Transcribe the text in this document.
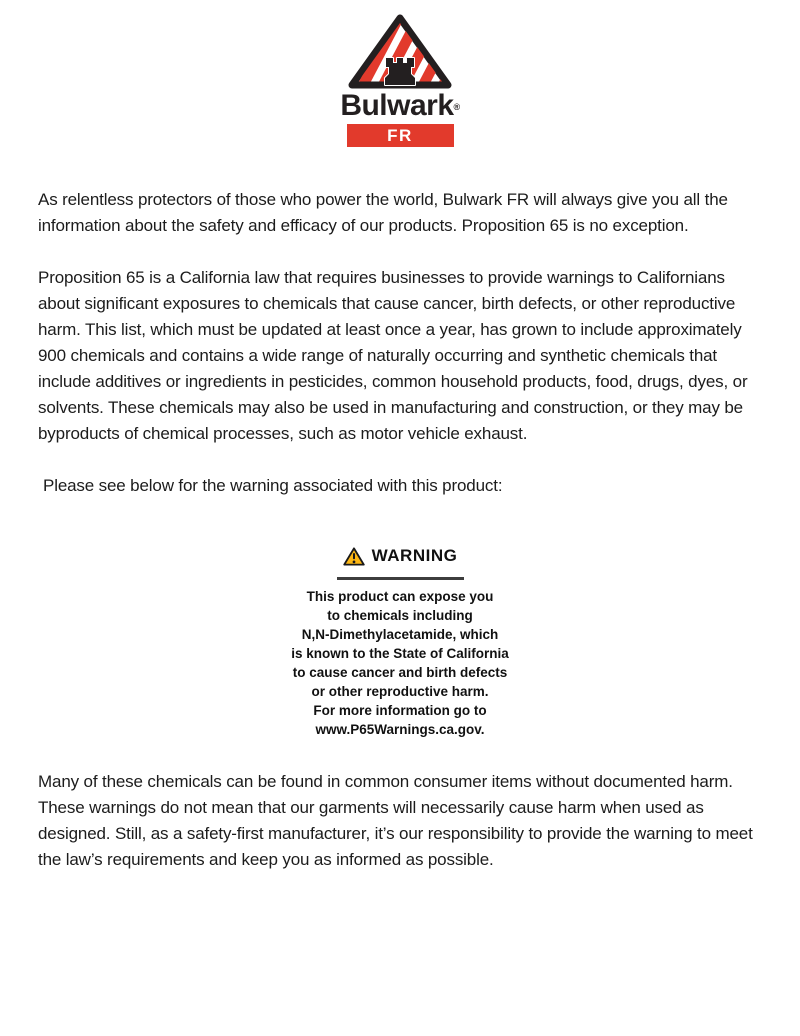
Bulwark®
FR

As relentless protectors of those who power the world, Bulwark FR will always give you all the information about the safety and efficacy of our products. Proposition 65 is no exception.

Proposition 65 is a California law that requires businesses to provide warnings to Californians about significant exposures to chemicals that cause cancer, birth defects, or other reproductive harm. This list, which must be updated at least once a year, has grown to include approximately 900 chemicals and contains a wide range of naturally occurring and synthetic chemicals that include additives or ingredients in pesticides, common household products, food, drugs, dyes, or solvents. These chemicals may also be used in manufacturing and construction, or they may be byproducts of chemical processes, such as motor vehicle exhaust.

Please see below for the warning associated with this product:

WARNING
This product can expose you
to chemicals including
N,N-Dimethylacetamide, which
is known to the State of California
to cause cancer and birth defects
or other reproductive harm.
For more information go to
www.P65Warnings.ca.gov.

Many of these chemicals can be found in common consumer items without documented harm. These warnings do not mean that our garments will necessarily cause harm when used as designed. Still, as a safety-first manufacturer, it’s our responsibility to provide the warning to meet the law’s requirements and keep you as informed as possible.
